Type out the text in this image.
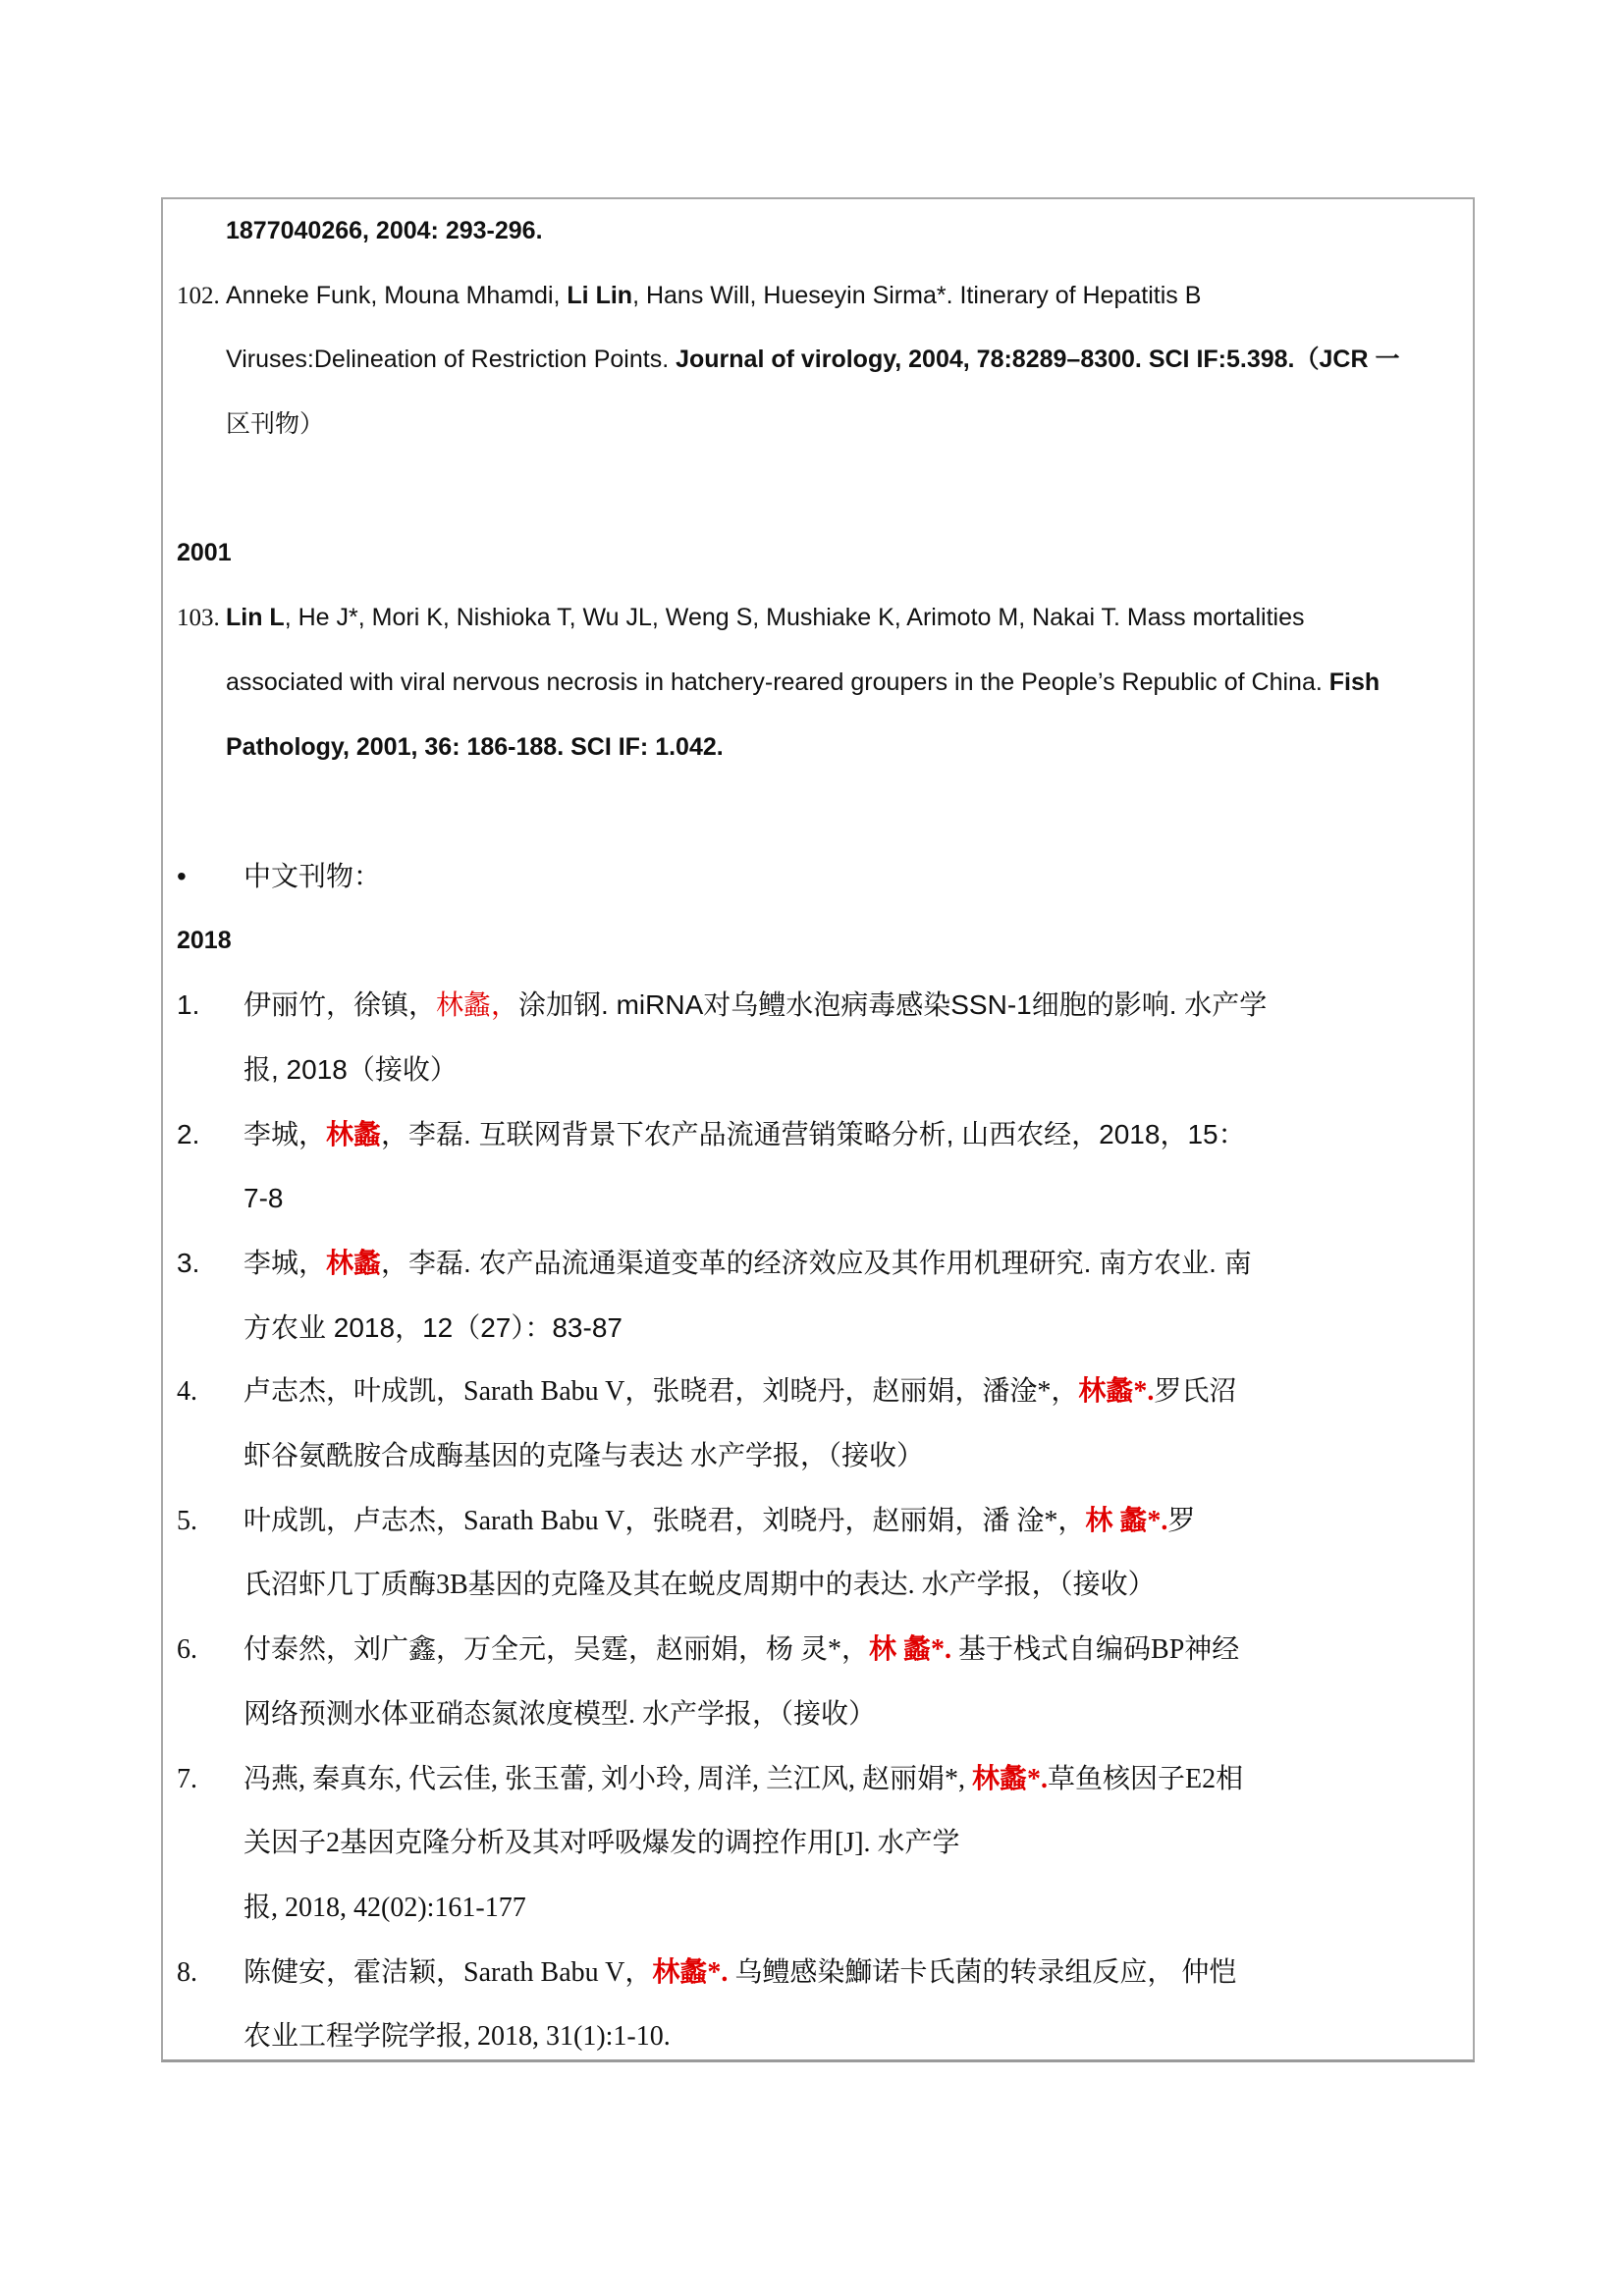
1877040266, 2004: 293-296.
102. Anneke Funk, Mouna Mhamdi, Li Lin, Hans Will, Hueseyin Sirma*. Itinerary of Hepatitis B
Viruses:Delineation of Restriction Points. Journal of virology, 2004, 78:8289–8300. SCI IF:5.398.（JCR 一
区刊物）
2001
103. Lin L, He J*, Mori K, Nishioka T, Wu JL, Weng S, Mushiake K, Arimoto M, Nakai T. Mass mortalities
associated with viral nervous necrosis in hatchery-reared groupers in the People’s Republic of China. Fish
Pathology, 2001, 36: 186-188. SCI IF: 1.042.
• 中文刊物：
2018
1. 伊丽竹，徐镇，林蠡，涂加钢. miRNA对乌鳢水泡病毒感染SSN-1细胞的影响. 水产学
报, 2018（接收）
2. 李城，林蠡，李磊. 互联网背景下农产品流通营销策略分析, 山西农经，2018，15：
7-8
3. 李城，林蠡，李磊. 农产品流通渠道变革的经济效应及其作用机理研究. 南方农业. 南
方农业 2018，12（27）：83-87
4. 卢志杰，叶成凯，Sarath Babu V，张晓君，刘晓丹，赵丽娟，潘淦*，林蠡*.罗氏沼
虾谷氨酰胺合成酶基因的克隆与表达 水产学报，（接收）
5. 叶成凯，卢志杰，Sarath Babu V，张晓君，刘晓丹，赵丽娟，潘 淦*，林 蠡*.罗
氏沼虾几丁质酶3B基因的克隆及其在蜕皮周期中的表达. 水产学报，（接收）
6. 付泰然，刘广鑫，万全元，吴霆，赵丽娟，杨 灵*，林 蠡*. 基于栈式自编码BP神经
网络预测水体亚硝态氮浓度模型. 水产学报，（接收）
7. 冯燕, 秦真东, 代云佳, 张玉蕾, 刘小玲, 周洋, 兰江风, 赵丽娟*, 林蠡*.草鱼核因子E2相
关因子2基因克隆分析及其对呼吸爆发的调控作用[J]. 水产学
报, 2018, 42(02):161-177
8. 陈健安，霍洁颖，Sarath Babu V，林蠡*. 乌鳢感染鰤诺卡氏菌的转录组反应， 仲恺
农业工程学院学报, 2018, 31(1):1-10.
